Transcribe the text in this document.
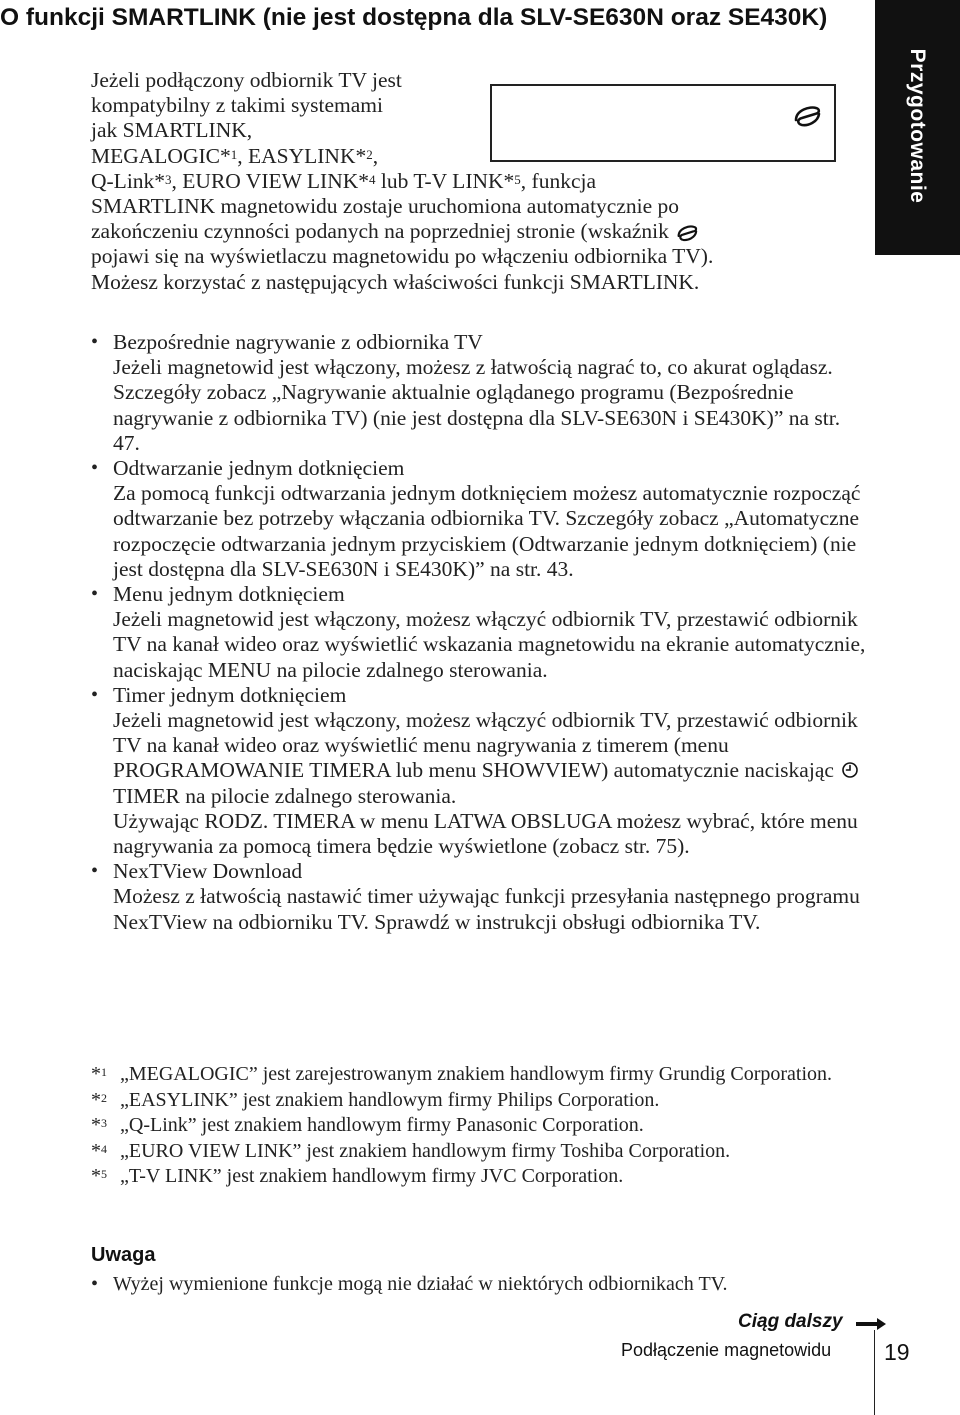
O funkcji SMARTLINK (nie jest dostępna dla SLV-SE630N oraz SE430K)
Przygotowanie

Jeżeli podłączony odbiornik TV jest

kompatybilny z takimi systemami

jak SMARTLINK,

MEGALOGIC*$^1$, EASYLINK*$^2$,

Q-Link*$^3$, EURO VIEW LINK*$^4$ lub T-V LINK*$^5$, funkcja

SMARTLINK magnetowidu zostaje uruchomiona automatycznie po

zakończeniu czynności podanych na poprzedniej stronie (wskaźnik

pojawi się na wyświetlaczu magnetowidu po włączeniu odbiornika TV).

Możesz korzystać z następujących właściwości funkcji SMARTLINK.

• Bezpośrednie nagrywanie z odbiornika TV

Jeżeli magnetowid jest włączony, możesz z łatwością nagrać to, co akurat oglądasz. Szczegóły zobacz „Nagrywanie aktualnie oglądanego programu (Bezpośrednie nagrywanie z odbiornika TV) (nie jest dostępna dla SLV-SE630N i SE430K)” na str. 47.

• Odtwarzanie jednym dotknięciem

Za pomocą funkcji odtwarzania jednym dotknięciem możesz automatycznie rozpocząć odtwarzanie bez potrzeby włączania odbiornika TV. Szczegóły zobacz „Automatyczne rozpoczęcie odtwarzania jednym przyciskiem (Odtwarzanie jednym dotknięciem) (nie jest dostępna dla SLV-SE630N i SE430K)” na str. 43.

• Menu jednym dotknięciem

Jeżeli magnetowid jest włączony, możesz włączyć odbiornik TV, przestawić odbiornik TV na kanał wideo oraz wyświetlić wskazania magnetowidu na ekranie automatycznie, naciskając MENU na pilocie zdalnego sterowania.

• Timer jednym dotknięciem

Jeżeli magnetowid jest włączony, możesz włączyć odbiornik TV, przestawić odbiornik TV na kanał wideo oraz wyświetlić menu nagrywania z timerem (menu PROGRAMOWANIE TIMERA lub menu SHOWVIEW) automatycznie naciskając  TIMER na pilocie zdalnego sterowania.

Używając RODZ. TIMERA w menu LATWA OBSLUGA możesz wybrać, które menu nagrywania za pomocą timera będzie wyświetlone (zobacz str. 75).

• NexTView Download

Możesz z łatwością nastawić timer używając funkcji przesyłania następnego programu NexTView na odbiorniku TV. Sprawdź w instrukcji obsługi odbiornika TV.

*$^1$ „MEGALOGIC” jest zarejestrowanym znakiem handlowym firmy Grundig Corporation.
*$^2$ „EASYLINK” jest znakiem handlowym firmy Philips Corporation.
*$^3$ „Q-Link” jest znakiem handlowym firmy Panasonic Corporation.
*$^4$ „EURO VIEW LINK” jest znakiem handlowym firmy Toshiba Corporation.
*$^5$ „T-V LINK” jest znakiem handlowym firmy JVC Corporation.
Uwaga
• Wyżej wymienione funkcje mogą nie działać w niektórych odbiornikach TV.
Ciąg dalszy
Podłączenie magnetowidu 19
